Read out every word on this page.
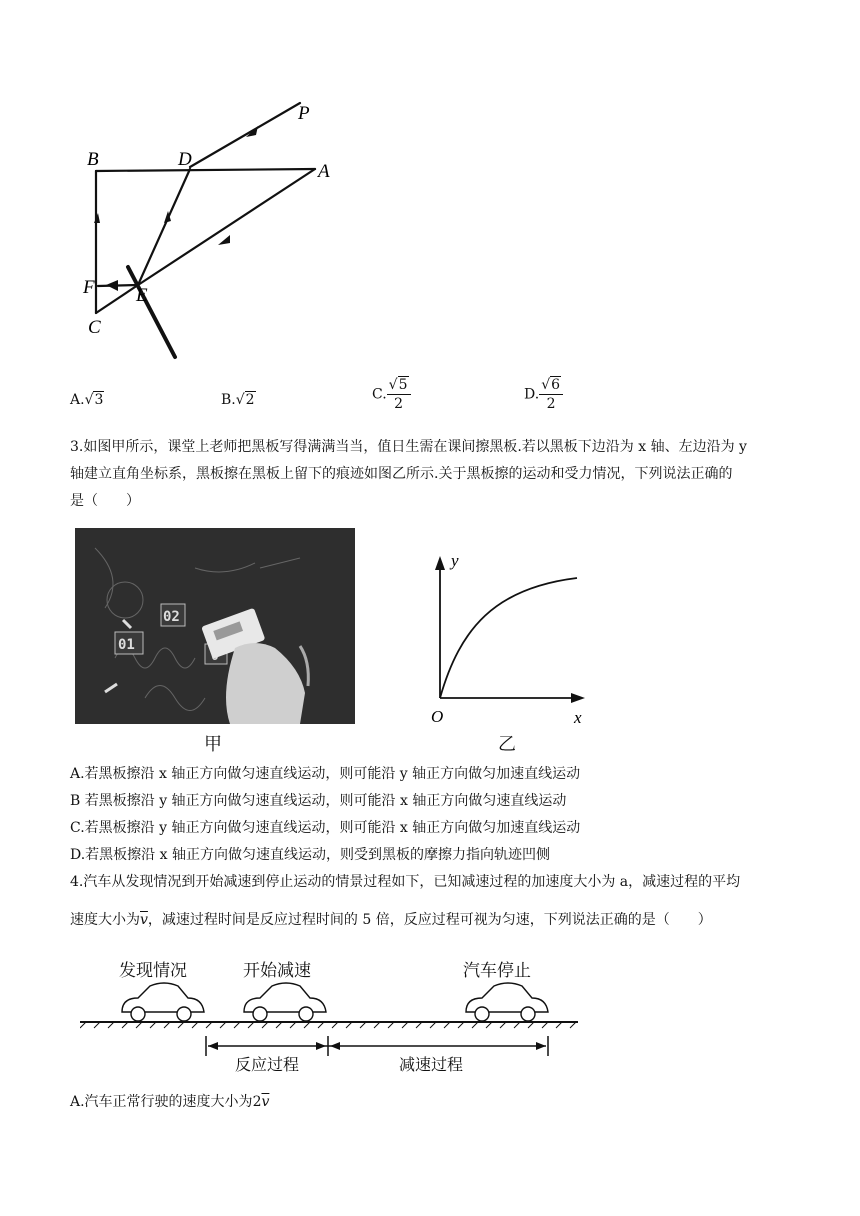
P
B	D
A
F E
C
A.√3	B.√2	C. $\frac{√5}{2}$	D. $\frac{√6}{2}$
3.如图甲所示，课堂上老师把黑板写得满满当当，值日生需在课间擦黑板.若以黑板下边沿为 x 轴、左边沿为 y
轴建立直角坐标系，黑板擦在黑板上留下的痕迹如图乙所示.关于黑板擦的运动和受力情况，下列说法正确的
是（　　）
01
02
甲
y
x
O
乙
A.若黑板擦沿 x 轴正方向做匀速直线运动，则可能沿 y 轴正方向做匀加速直线运动
B 若黑板擦沿 y 轴正方向做匀速直线运动，则可能沿 x 轴正方向做匀速直线运动
C.若黑板擦沿 y 轴正方向做匀速直线运动，则可能沿 x 轴正方向做匀加速直线运动
D.若黑板擦沿 x 轴正方向做匀速直线运动，则受到黑板的摩擦力指向轨迹凹侧
4.汽车从发现情况到开始减速到停止运动的情景过程如下，已知减速过程的加速度大小为 a，减速过程的平均
速度大小为$\overline{v}$，减速过程时间是反应过程时间的 5 倍，反应过程可视为匀速，下列说法正确的是（　　）
发现情况	开始减速	汽车停止
反应过程	减速过程
A.汽车正常行驶的速度大小为$2\overline{v}$
